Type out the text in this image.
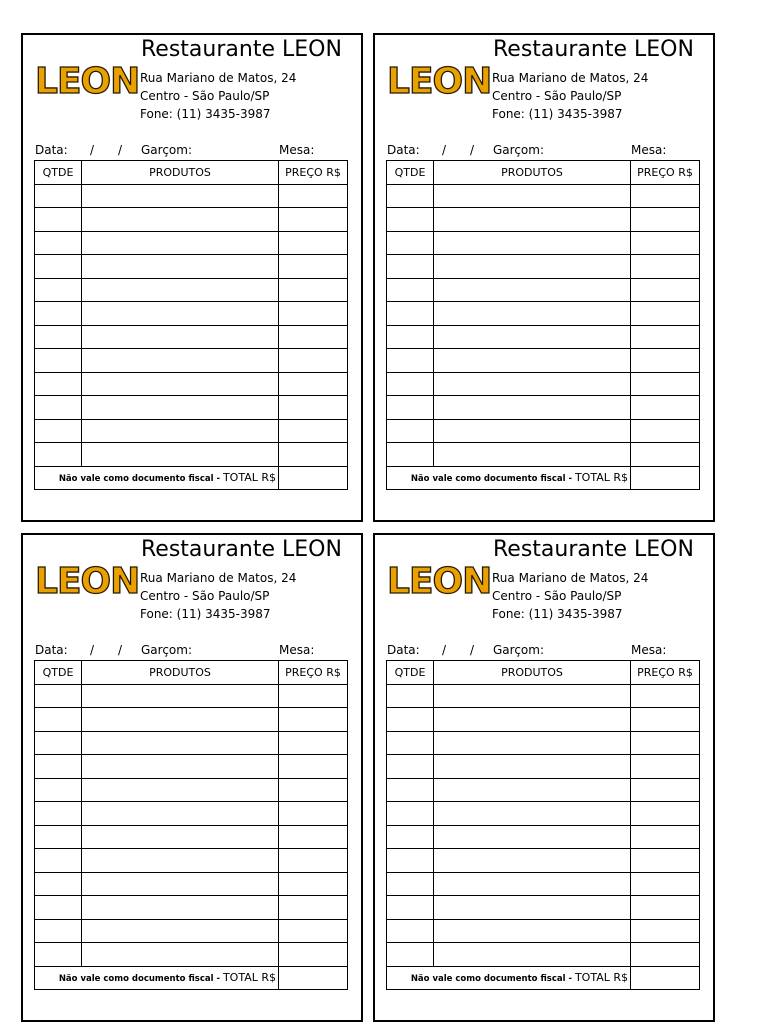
LEON
Restaurante LEON
Rua Mariano de Matos, 24
Centro - São Paulo/SP
Fone: (11) 3435-3987
Data: / / Garçom:	Mesa:
QTDE	PRODUTOS	PREÇO R$

Não vale como documento fiscal - TOTAL R$		
LEON
Restaurante LEON
Rua Mariano de Matos, 24
Centro - São Paulo/SP
Fone: (11) 3435-3987
Data: / / Garçom:	Mesa:
QTDE	PRODUTOS	PREÇO R$

Não vale como documento fiscal - TOTAL R$		
LEON
Restaurante LEON
Rua Mariano de Matos, 24
Centro - São Paulo/SP
Fone: (11) 3435-3987
Data: / / Garçom:	Mesa:
QTDE	PRODUTOS	PREÇO R$

Não vale como documento fiscal - TOTAL R$		
LEON
Restaurante LEON
Rua Mariano de Matos, 24
Centro - São Paulo/SP
Fone: (11) 3435-3987
Data: / / Garçom:	Mesa:
QTDE	PRODUTOS	PREÇO R$

Não vale como documento fiscal - TOTAL R$		
